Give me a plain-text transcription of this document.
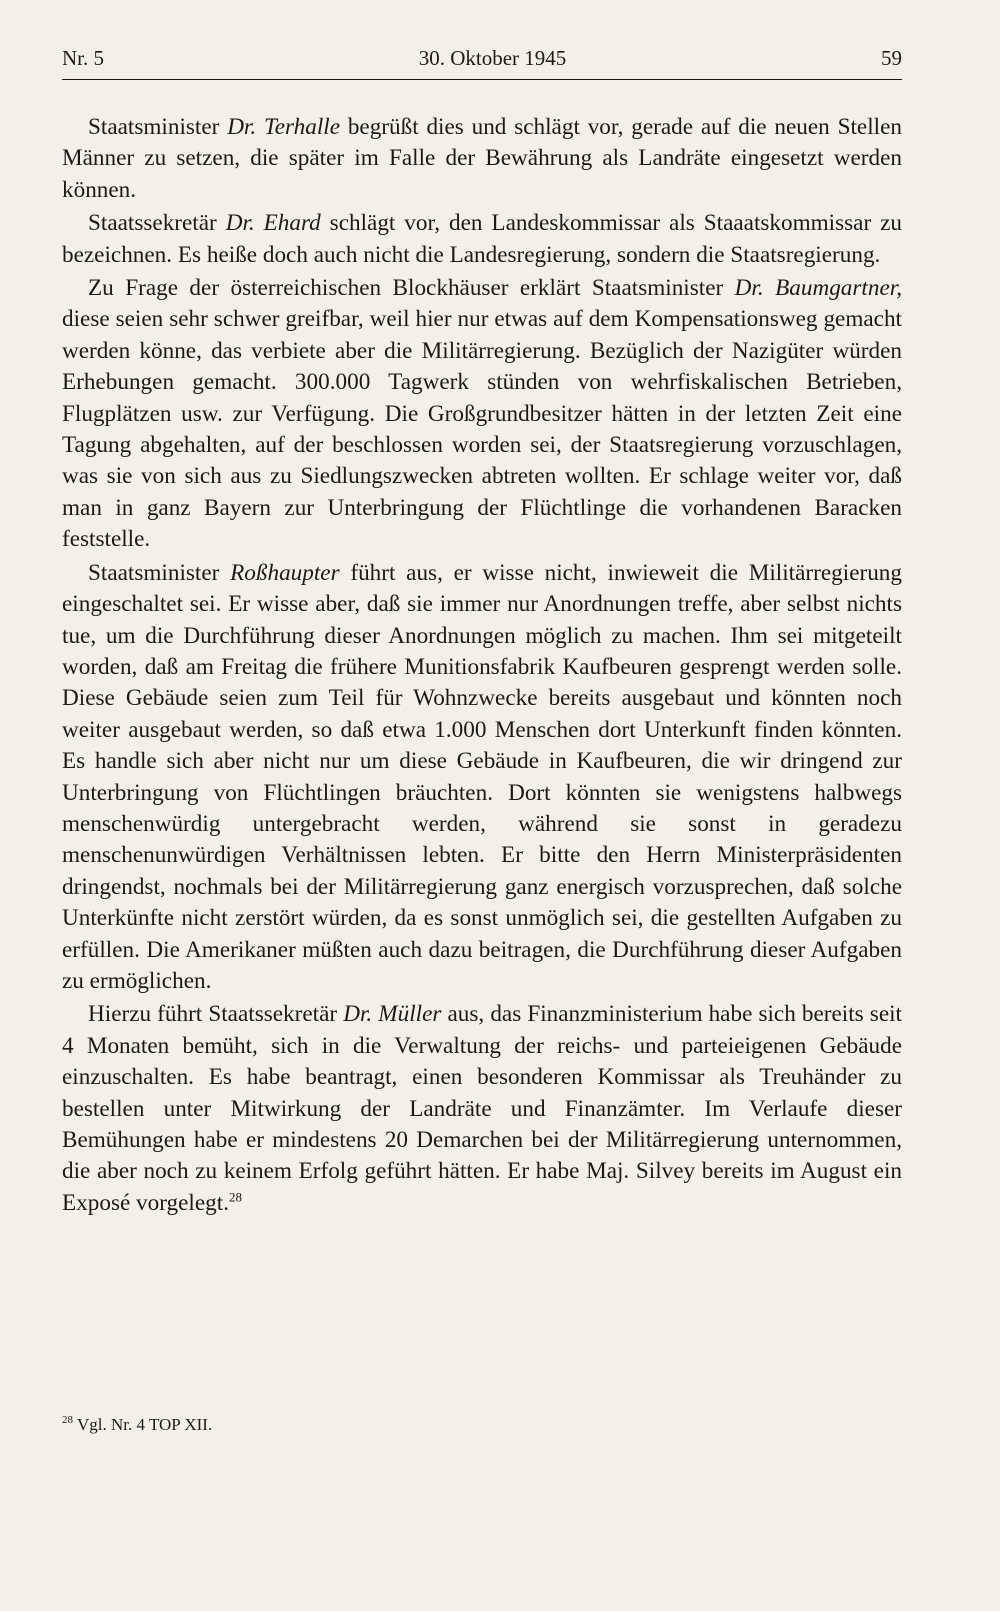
Nr. 5	30. Oktober 1945	59

Staatsminister Dr. Terhalle begrüßt dies und schlägt vor, gerade auf die neuen Stellen Männer zu setzen, die später im Falle der Bewährung als Landräte eingesetzt werden können.

Staatssekretär Dr. Ehard schlägt vor, den Landeskommissar als Staaatskommissar zu bezeichnen. Es heiße doch auch nicht die Landesregierung, sondern die Staatsregierung.

Zu Frage der österreichischen Blockhäuser erklärt Staatsminister Dr. Baumgartner, diese seien sehr schwer greifbar, weil hier nur etwas auf dem Kompensationsweg gemacht werden könne, das verbiete aber die Militärregierung. Bezüglich der Nazigüter würden Erhebungen gemacht. 300.000 Tagwerk stünden von wehrfiskalischen Betrieben, Flugplätzen usw. zur Verfügung. Die Großgrundbesitzer hätten in der letzten Zeit eine Tagung abgehalten, auf der beschlossen worden sei, der Staatsregierung vorzuschlagen, was sie von sich aus zu Siedlungszwecken abtreten wollten. Er schlage weiter vor, daß man in ganz Bayern zur Unterbringung der Flüchtlinge die vorhandenen Baracken feststelle.

Staatsminister Roßhaupter führt aus, er wisse nicht, inwieweit die Militärregierung eingeschaltet sei. Er wisse aber, daß sie immer nur Anordnungen treffe, aber selbst nichts tue, um die Durchführung dieser Anordnungen möglich zu machen. Ihm sei mitgeteilt worden, daß am Freitag die frühere Munitionsfabrik Kaufbeuren gesprengt werden solle. Diese Gebäude seien zum Teil für Wohnzwecke bereits ausgebaut und könnten noch weiter ausgebaut werden, so daß etwa 1.000 Menschen dort Unterkunft finden könnten. Es handle sich aber nicht nur um diese Gebäude in Kaufbeuren, die wir dringend zur Unterbringung von Flüchtlingen bräuchten. Dort könnten sie wenigstens halbwegs menschenwürdig untergebracht werden, während sie sonst in geradezu menschenunwürdigen Verhältnissen lebten. Er bitte den Herrn Ministerpräsidenten dringendst, nochmals bei der Militärregierung ganz energisch vorzusprechen, daß solche Unterkünfte nicht zerstört würden, da es sonst unmöglich sei, die gestellten Aufgaben zu erfüllen. Die Amerikaner müßten auch dazu beitragen, die Durchführung dieser Aufgaben zu ermöglichen.

Hierzu führt Staatssekretär Dr. Müller aus, das Finanzministerium habe sich bereits seit 4 Monaten bemüht, sich in die Verwaltung der reichs- und parteieigenen Gebäude einzuschalten. Es habe beantragt, einen besonderen Kommissar als Treuhänder zu bestellen unter Mitwirkung der Landräte und Finanzämter. Im Verlaufe dieser Bemühungen habe er mindestens 20 Demarchen bei der Militärregierung unternommen, die aber noch zu keinem Erfolg geführt hätten. Er habe Maj. Silvey bereits im August ein Exposé vorgelegt.$^{28}$

$^{28}$ Vgl. Nr. 4 TOP XII.
